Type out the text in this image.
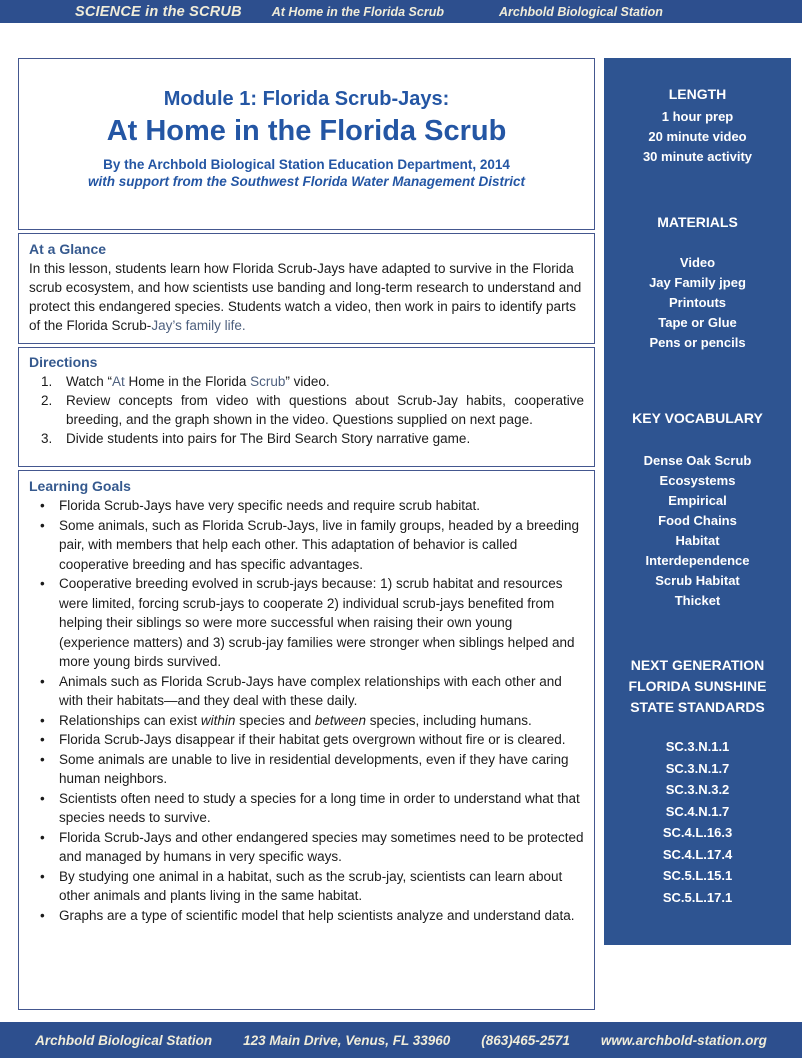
SCIENCE in the SCRUB At Home in the Florida Scrub	Archbold Biological Station
Module 1: Florida Scrub-Jays:
At Home in the Florida Scrub
By the Archbold Biological Station Education Department, 2014
with support from the Southwest Florida Water Management District
At a Glance
In this lesson, students learn how Florida Scrub-Jays have adapted to survive in the Florida scrub ecosystem, and how scientists use banding and long-term research to understand and protect this endangered species. Students watch a video, then work in pairs to identify parts of the Florida Scrub-Jay’s family life.
Directions
1. Watch “At Home in the Florida Scrub” video.
2. Review concepts from video with questions about Scrub-Jay habits, cooperative breeding, and the graph shown in the video. Questions supplied on next page.
3. Divide students into pairs for The Bird Search Story narrative game.
Learning Goals
• Florida Scrub-Jays have very specific needs and require scrub habitat.
• Some animals, such as Florida Scrub-Jays, live in family groups, headed by a breeding pair, with members that help each other. This adaptation of behavior is called cooperative breeding and has specific advantages.
• Cooperative breeding evolved in scrub-jays because: 1) scrub habitat and resources were limited, forcing scrub-jays to cooperate 2) individual scrub-jays benefited from helping their siblings so were more successful when raising their own young (experience matters) and 3) scrub-jay families were stronger when siblings helped and more young birds survived.
• Animals such as Florida Scrub-Jays have complex relationships with each other and with their habitats—and they deal with these daily.
• Relationships can exist within species and between species, including humans.
• Florida Scrub-Jays disappear if their habitat gets overgrown without fire or is cleared.
• Some animals are unable to live in residential developments, even if they have caring human neighbors.
• Scientists often need to study a species for a long time in order to understand what that species needs to survive.
• Florida Scrub-Jays and other endangered species may sometimes need to be protected and managed by humans in very specific ways.
• By studying one animal in a habitat, such as the scrub-jay, scientists can learn about other animals and plants living in the same habitat.
• Graphs are a type of scientific model that help scientists analyze and understand data.
LENGTH
1 hour prep
20 minute video
30 minute activity
MATERIALS
Video
Jay Family jpeg
Printouts
Tape or Glue
Pens or pencils
KEY VOCABULARY
Dense Oak Scrub
Ecosystems
Empirical
Food Chains
Habitat
Interdependence
Scrub Habitat
Thicket
NEXT GENERATION
FLORIDA SUNSHINE
STATE STANDARDS
SC.3.N.1.1
SC.3.N.1.7
SC.3.N.3.2
SC.4.N.1.7
SC.4.L.16.3
SC.4.L.17.4
SC.5.L.15.1
SC.5.L.17.1
Archbold Biological Station 123 Main Drive, Venus, FL 33960 (863)465-2571 www.archbold-station.org
